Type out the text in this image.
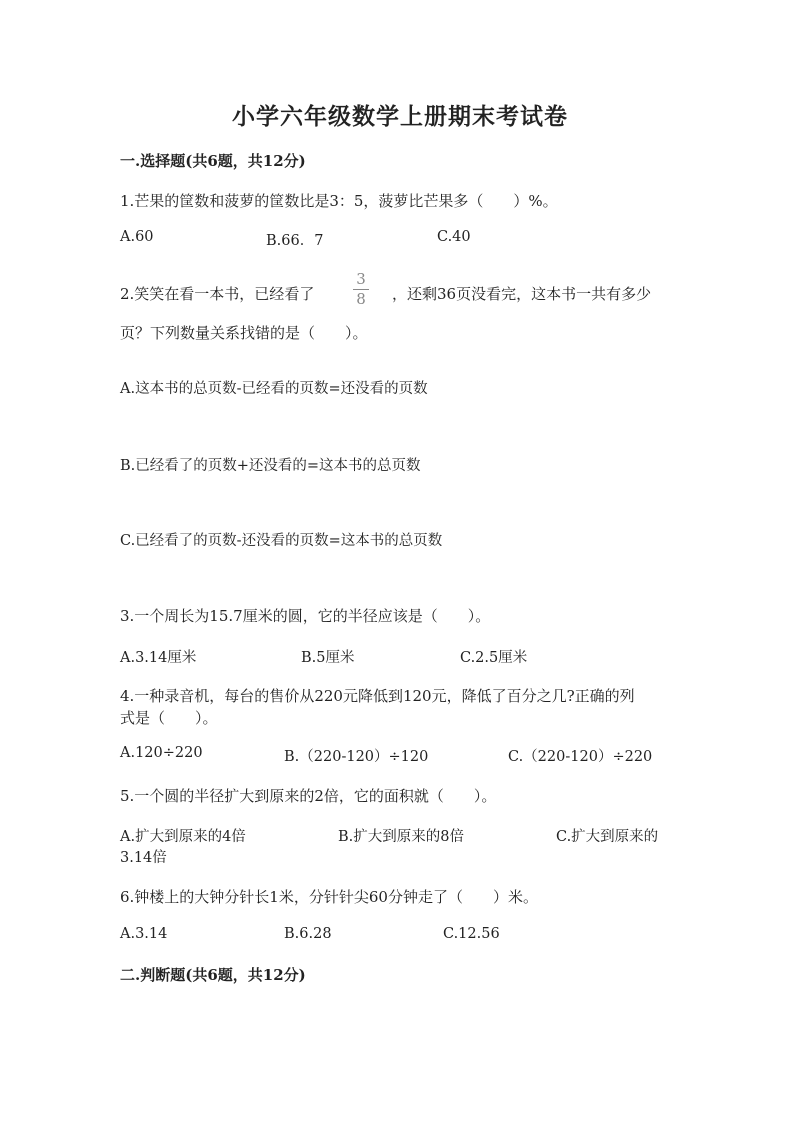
小学六年级数学上册期末考试卷
一.选择题(共6题，共12分)
1.芒果的筐数和菠萝的筐数比是3：5，菠萝比芒果多（　　）%。
A.60	B.66．7	C.40
2.笑笑在看一本书，已经看了
3
8 ，还剩36页没看完，这本书一共有多少
页？下列数量关系找错的是（　　）。
A.这本书的总页数-已经看的页数=还没看的页数
B.已经看了的页数+还没看的=这本书的总页数
C.已经看了的页数-还没看的页数=这本书的总页数
3.一个周长为15.7厘米的圆，它的半径应该是（　　）。
A.3.14厘米	B.5厘米	C.2.5厘米
4.一种录音机，每台的售价从220元降低到120元，降低了百分之几?正确的列
式是（　　）。
A.120÷220	B.（220-120）÷120	C.（220-120）÷220
5.一个圆的半径扩大到原来的2倍，它的面积就（　　）。
A.扩大到原来的4倍	B.扩大到原来的8倍	C.扩大到原来的
3.14倍
6.钟楼上的大钟分针长1米，分针针尖60分钟走了（　　）米。
A.3.14	B.6.28	C.12.56
二.判断题(共6题，共12分)
